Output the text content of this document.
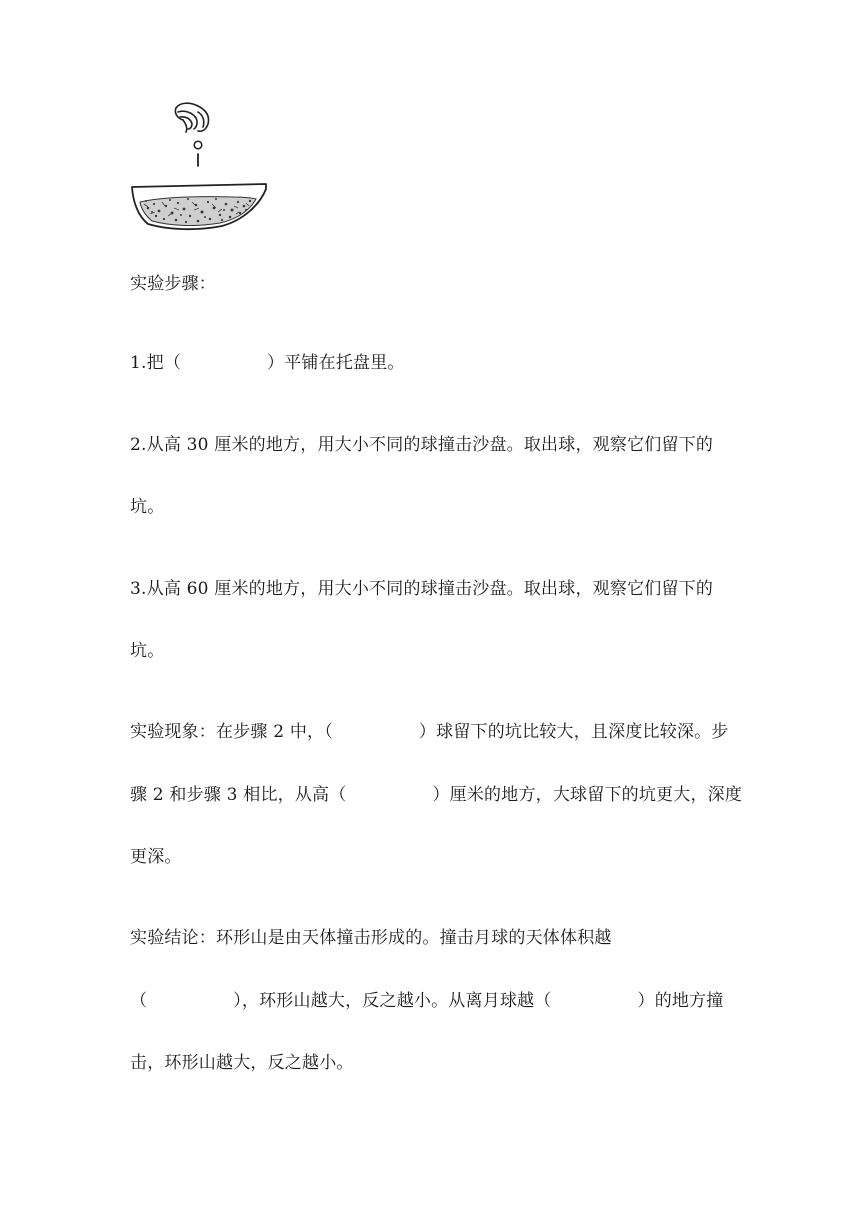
实验步骤：
1.把（　　　　　）平铺在托盘里。
2.从高 30 厘米的地方，用大小不同的球撞击沙盘。取出球，观察它们留下的
坑。
3.从高 60 厘米的地方，用大小不同的球撞击沙盘。取出球，观察它们留下的
坑。
实验现象：在步骤 2 中，（　　　　　）球留下的坑比较大，且深度比较深。步
骤 2 和步骤 3 相比，从高（　　　　　）厘米的地方，大球留下的坑更大，深度
更深。
实验结论：环形山是由天体撞击形成的。撞击月球的天体体积越
（　　　　　），环形山越大，反之越小。从离月球越（　　　　　）的地方撞
击，环形山越大，反之越小。
